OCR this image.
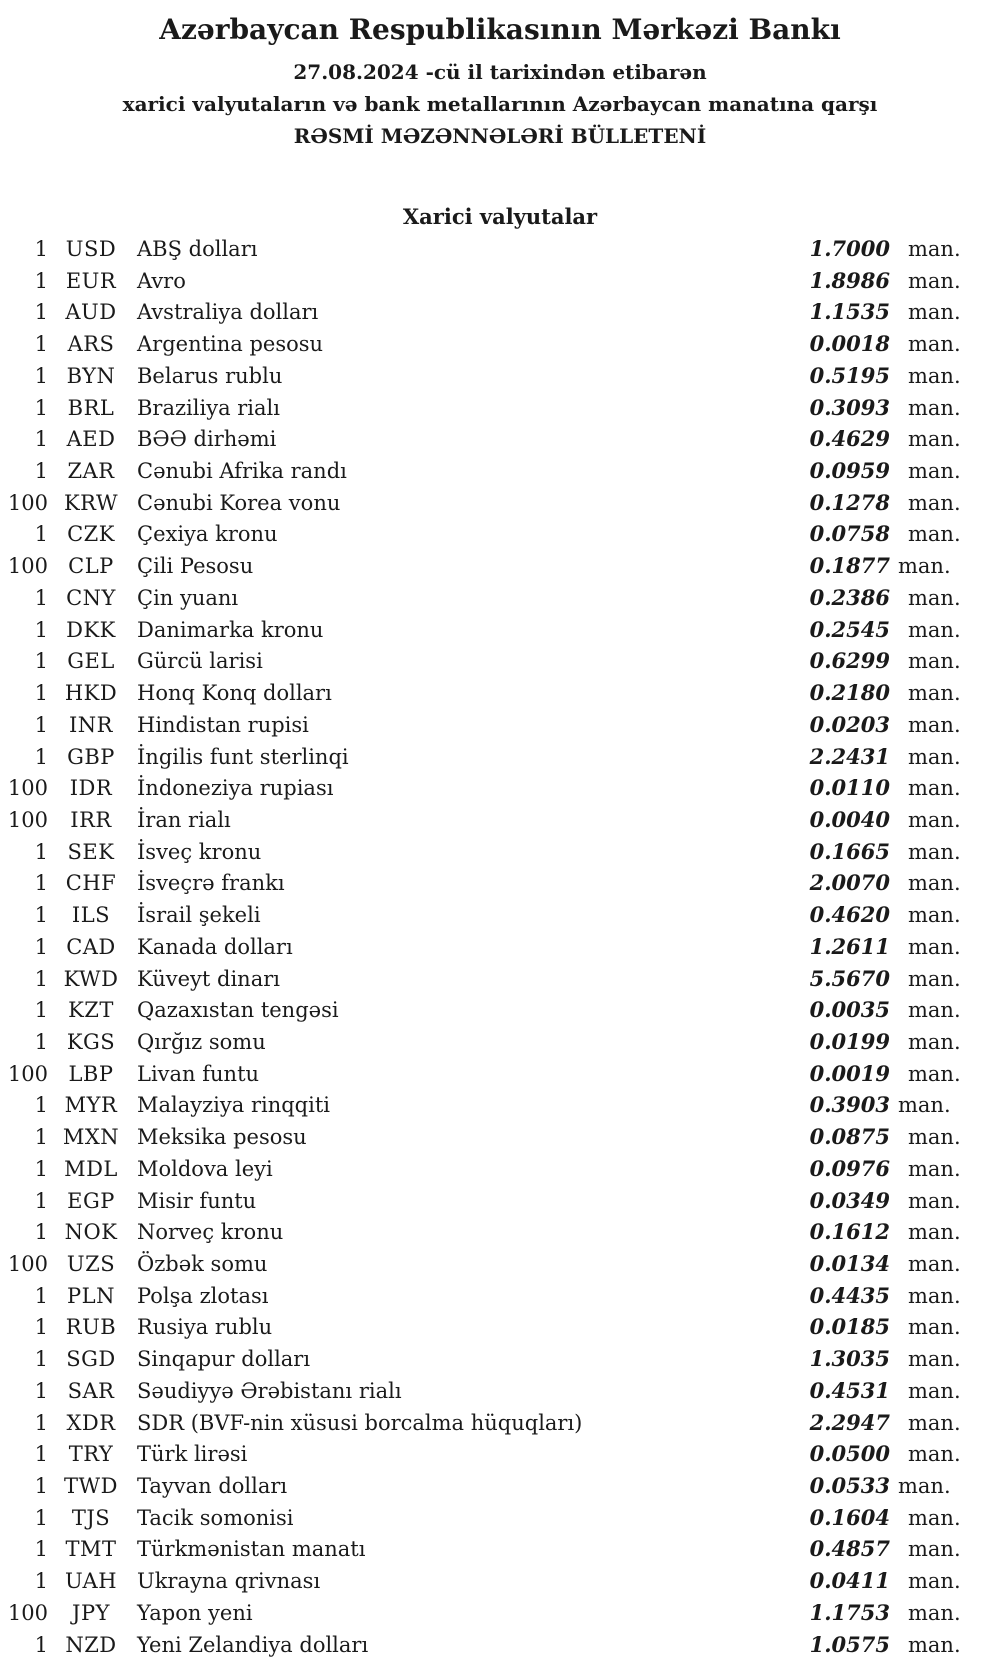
Azərbaycan Respublikasının Mərkəzi Bankı

27.08.2024 -cü il tarixindən etibarən

xarici valyutaların və bank metallarının Azərbaycan manatına qarşı

RƏSMİ MƏZƏNNƏLƏRİ BÜLLETENİ

Xarici valyutalar
1 USD ABŞ dolları	1.7000 man.
1 EUR Avro	1.8986 man.
1 AUD Avstraliya dolları	1.1535 man.
1 ARS	Argentina pesosu	0.0018 man.
1 BYN	Belarus rublu	0.5195 man.
1 BRL	Braziliya rialı	0.3093 man.
1 AED	BƏƏ dirhəmi	0.4629 man.
1 ZAR	Cənubi Afrika randı	0.0959 man.
100 KRW Cənubi Korea vonu	0.1278 man.
1 CZK	Çexiya kronu	0.0758 man.
100 CLP	Çili Pesosu	0.1877 man.
1 CNY	Çin yuanı	0.2386 man.
1 DKK	Danimarka kronu	0.2545 man.
1 GEL	Gürcü larisi	0.6299 man.
1 HKD Honq Konq dolları	0.2180 man.
1	INR	Hindistan rupisi	0.0203 man.
1 GBP	İngilis funt sterlinqi	2.2431 man.
100	IDR	İndoneziya rupiası	0.0110 man.
100	IRR	İran rialı	0.0040 man.
1 SEK	İsveç kronu	0.1665 man.
1 CHF İsveçrə frankı	2.0070 man.
1	ILS	İsrail şekeli	0.4620 man.
1 CAD	Kanada dolları	1.2611 man.
1 KWD Küveyt dinarı	5.5670 man.
1 KZT	Qazaxıstan tengəsi	0.0035 man.
1 KGS	Qırğız somu	0.0199 man.
100 LBP	Livan funtu	0.0019 man.
1 MYR Malayziya rinqqiti	0.3903 man.
1 MXN Meksika pesosu	0.0875 man.
1 MDL Moldova leyi	0.0976 man.
1 EGP	Misir funtu	0.0349 man.
1 NOK Norveç kronu	0.1612 man.
100 UZS	Özbək somu	0.0134 man.
1 PLN	Polşa zlotası	0.4435 man.
1 RUB Rusiya rublu	0.0185 man.
1 SGD	Sinqapur dolları	1.3035 man.
1 SAR	Səudiyyə Ərəbistanı rialı	0.4531 man.
1 XDR	SDR (BVF-nin xüsusi borcalma hüquqları)	2.2947 man.
1 TRY	Türk lirəsi	0.0500 man.
1 TWD Tayvan dolları	0.0533 man.
1	TJS	Tacik somonisi	0.1604 man.
1 TMT Türkmənistan manatı	0.4857 man.
1 UAH Ukrayna qrivnası	0.0411 man.
100	JPY	Yapon yeni	1.1753 man.
1 NZD Yeni Zelandiya dolları	1.0575 man.
